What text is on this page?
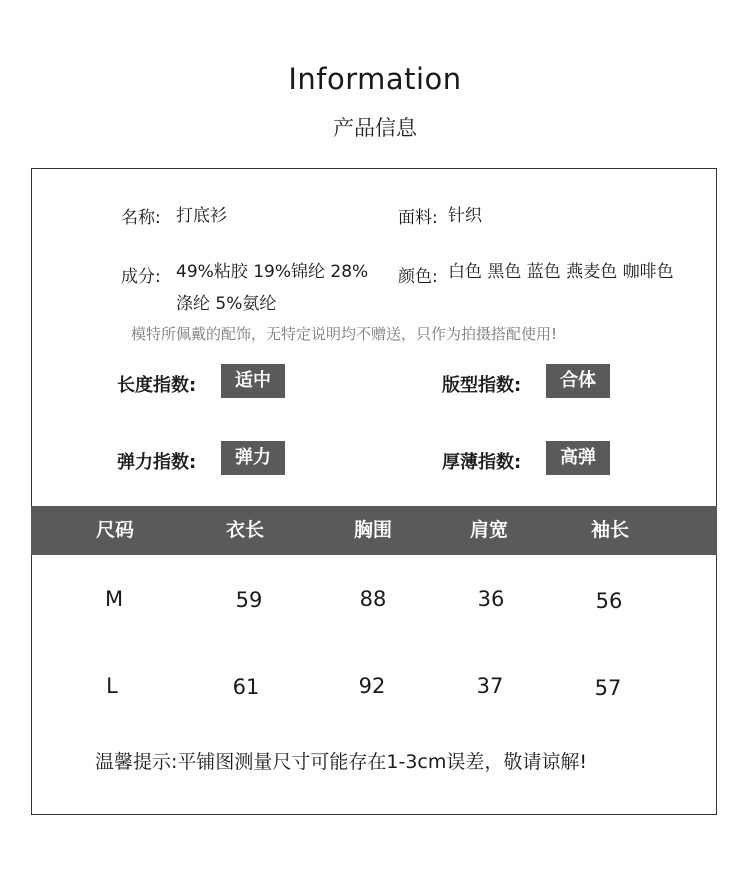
Information
产品信息
名称: 打底衫	面料: 针织
成分: 49%粘胶 19%锦纶 28%
涤纶 5%氨纶
颜色: 白色 黑色 蓝色 燕麦色 咖啡色
模特所佩戴的配饰，无特定说明均不赠送，只作为拍摄搭配使用!
长度指数:	适中	版型指数:	合体
弹力指数:	弹力	厚薄指数:	高弹
尺码	衣长	胸围	肩宽	袖长
M	59	88	36	56
L	61	92	37	57
温馨提示:平铺图测量尺寸可能存在1-3cm误差，敬请谅解!
